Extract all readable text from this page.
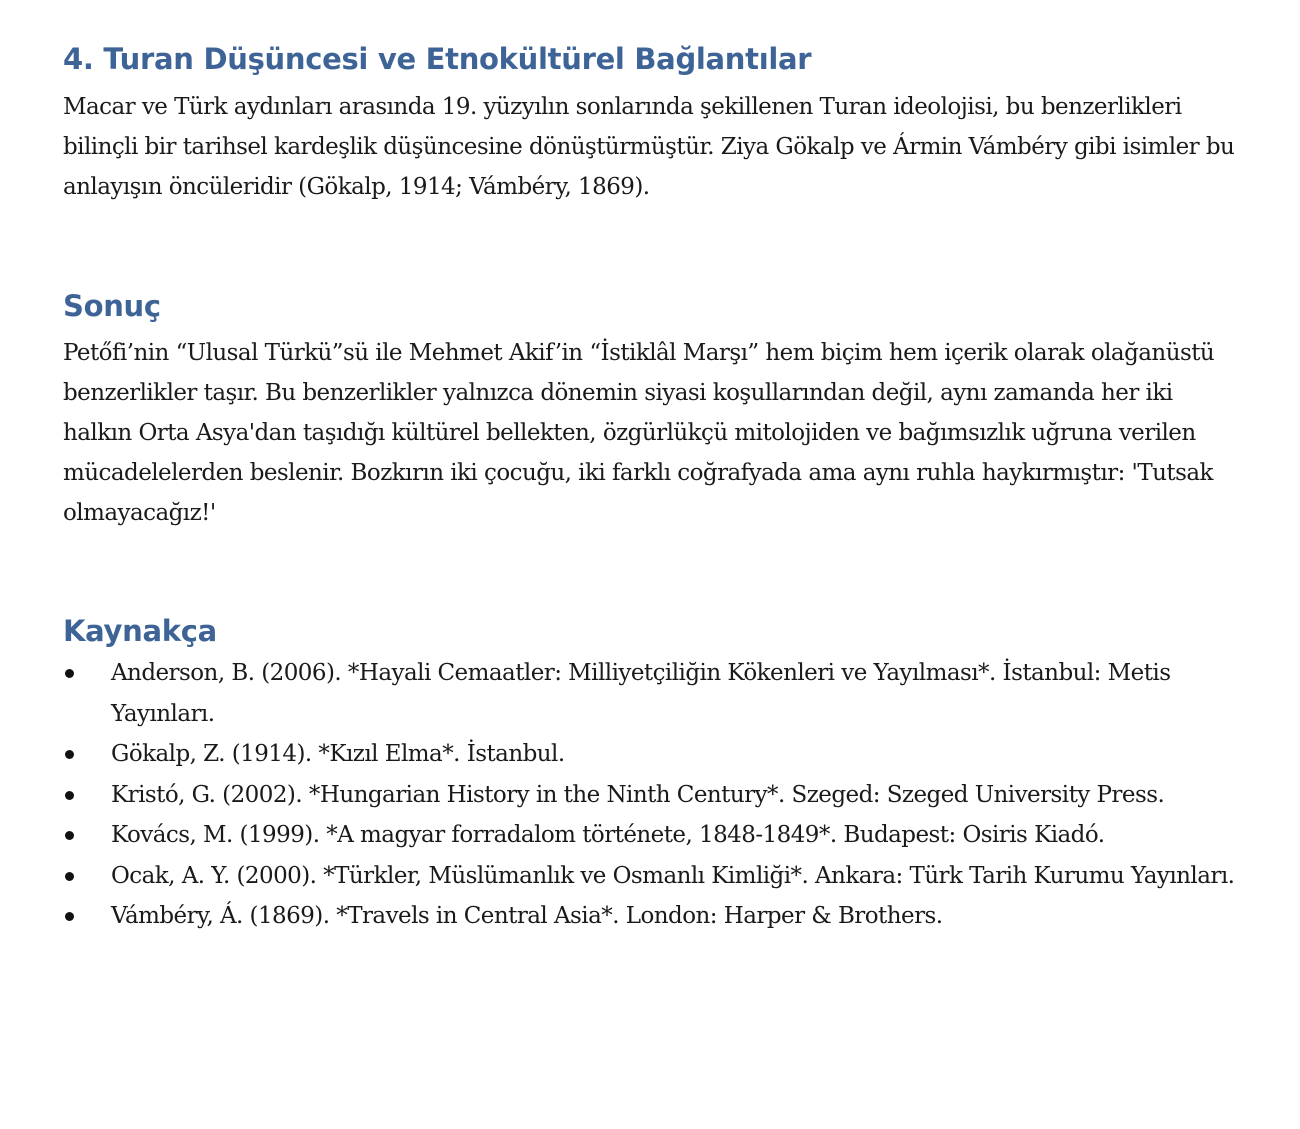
4. Turan Düşüncesi ve Etnokültürel Bağlantılar

Macar ve Türk aydınları arasında 19. yüzyılın sonlarında şekillenen Turan ideolojisi, bu benzerlikleri bilinçli bir tarihsel kardeşlik düşüncesine dönüştürmüştür. Ziya Gökalp ve Ármin Vámbéry gibi isimler bu anlayışın öncüleridir (Gökalp, 1914; Vámbéry, 1869).

Sonuç

Petőfi’nin “Ulusal Türkü”sü ile Mehmet Akif’in “İstiklâl Marşı” hem biçim hem içerik olarak olağanüstü benzerlikler taşır. Bu benzerlikler yalnızca dönemin siyasi koşullarından değil, aynı zamanda her iki halkın Orta Asya'dan taşıdığı kültürel bellekten, özgürlükçü mitolojiden ve bağımsızlık uğruna verilen mücadelelerden beslenir. Bozkırın iki çocuğu, iki farklı coğrafyada ama aynı ruhla haykırmıştır: 'Tutsak olmayacağız!'

Kaynakça
Anderson, B. (2006). *Hayali Cemaatler: Milliyetçiliğin Kökenleri ve Yayılması*. İstanbul: Metis Yayınları.
Gökalp, Z. (1914). *Kızıl Elma*. İstanbul.
Kristó, G. (2002). *Hungarian History in the Ninth Century*. Szeged: Szeged University Press.
Kovács, M. (1999). *A magyar forradalom története, 1848-1849*. Budapest: Osiris Kiadó.
Ocak, A. Y. (2000). *Türkler, Müslümanlık ve Osmanlı Kimliği*. Ankara: Türk Tarih Kurumu Yayınları.
Vámbéry, Á. (1869). *Travels in Central Asia*. London: Harper & Brothers.
